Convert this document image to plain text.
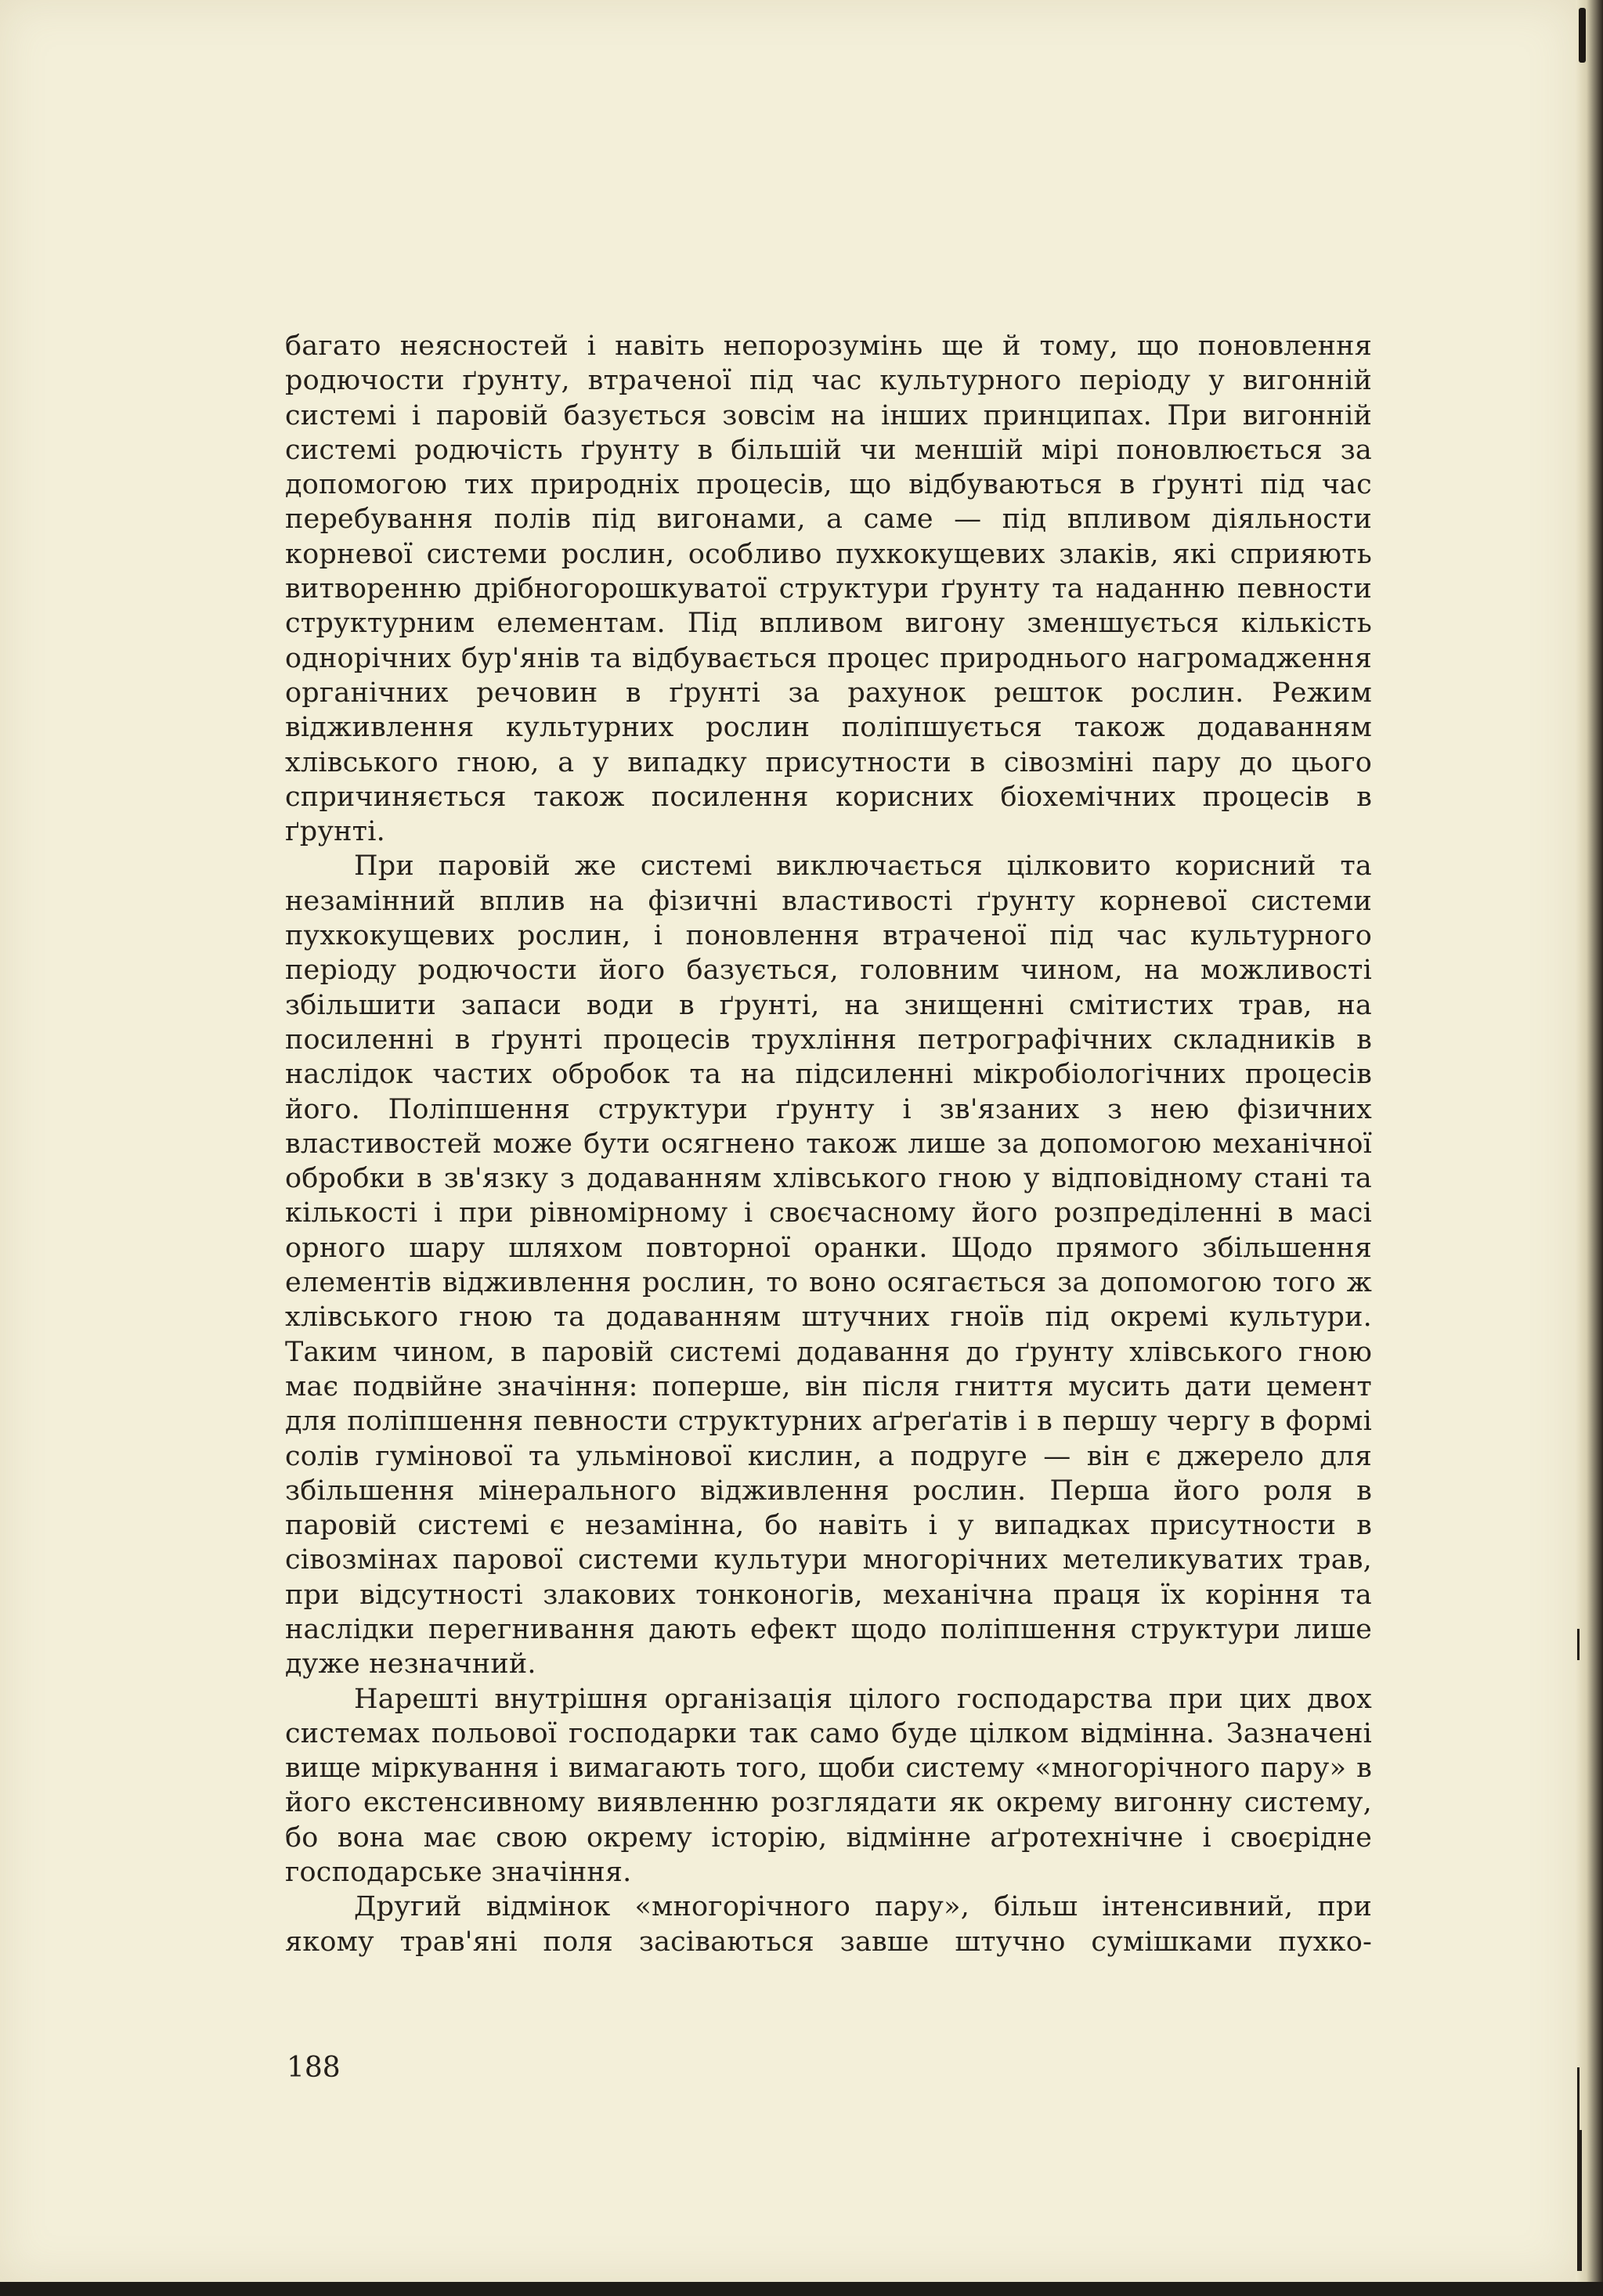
багато неясностей і навіть непорозумінь ще й тому, що поновлення родючости ґрунту, втраченої під час культурного періоду у вигонній системі і паровій базується зовсім на інших принципах. При вигонній системі родючість ґрунту в більшій чи меншій мірі поновлюється за допомогою тих природніх процесів, що відбуваються в ґрунті під час перебування полів під вигонами, а саме — під впливом діяльности корневої системи рослин, особливо пухкокущевих злаків, які сприяють витворенню дрібногорошкуватої структури ґрунту та наданню певности структурним елементам. Під впливом вигону зменшується кількість однорічних бур'янів та відбувається процес природнього нагромадження органічних речовин в ґрунті за рахунок решток рослин. Режим відживлення культурних рослин поліпшується також додаванням хлівського гною, а у випадку присутности в сівозміні пару до цього спричиняється також посилення корисних біохемічних процесів в ґрунті.

При паровій же системі виключається цілковито корисний та незамінний вплив на фізичні властивості ґрунту корневої системи пухкокущевих рослин, і поновлення втраченої під час культурного періоду родючости його базується, головним чином, на можливості збільшити запаси води в ґрунті, на знищенні смітистих трав, на посиленні в ґрунті процесів трухління петрографічних складників в наслідок частих обробок та на підсиленні мікробіологічних процесів його. Поліпшення структури ґрунту і зв'язаних з нею фізичних властивостей може бути осягнено також лише за допомогою механічної обробки в зв'язку з додаванням хлівського гною у відповідному стані та кількості і при рівномірному і своєчасному його розпреділенні в масі орного шару шляхом повторної оранки. Щодо прямого збільшення елементів відживлення рослин, то воно осягається за допомогою того ж хлівського гною та додаванням штучних гноїв під окремі культури. Таким чином, в паровій системі додавання до ґрунту хлівського гною має подвійне значіння: поперше, він після гниття мусить дати цемент для поліпшення певности структурних аґреґатів і в першу чергу в формі солів гумінової та ульмінової кислин, а подруге — він є джерело для збільшення мінерального відживлення рослин. Перша його роля в паровій системі є незамінна, бо навіть і у випадках присутности в сівозмінах парової системи культури многорічних метеликуватих трав, при відсутності злакових тонконогів, механічна праця їх коріння та наслідки перегнивання дають ефект щодо поліпшення структури лише дуже незначний.

Нарешті внутрішня організація цілого господарства при цих двох системах польової господарки так само буде цілком відмінна. Зазначені вище міркування і вимагають того, щоби систему «многорічного пару» в його екстенсивному виявленню розглядати як окрему вигонну систему, бо вона має свою окрему історію, відмінне аґротехнічне і своєрідне господарське значіння.

Другий відмінок «многорічного пару», більш інтенсивний, при якому трав'яні поля засіваються завше штучно сумішками пухко-

188
